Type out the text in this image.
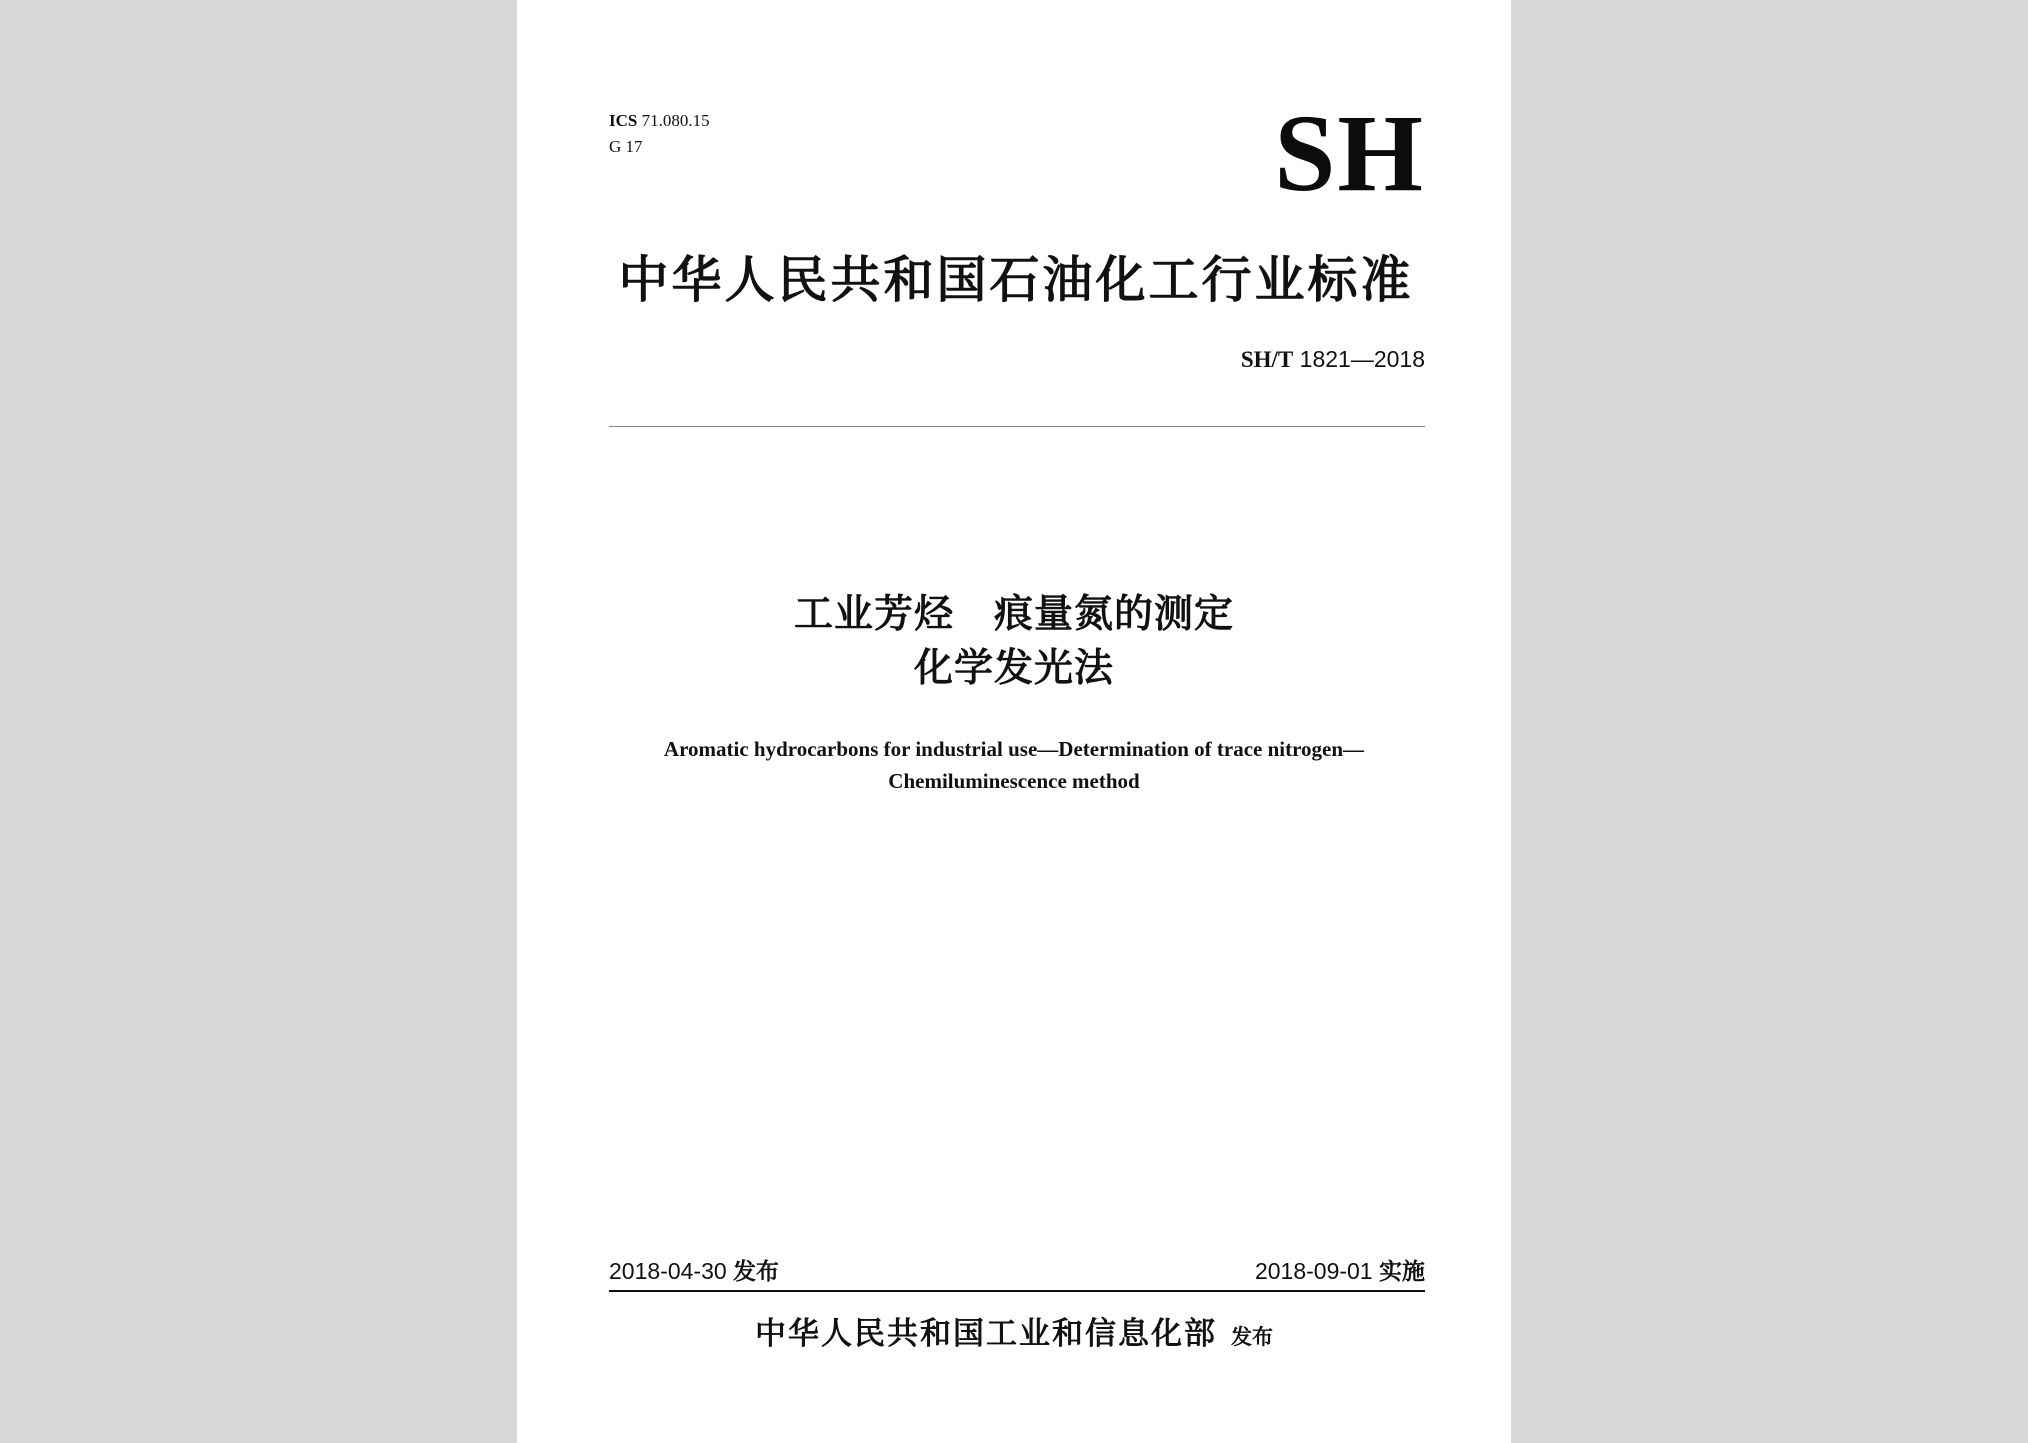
ICS 71.080.15
G 17	SH
中华人民共和国石油化工行业标准
SH/T 1821—2018
工业芳烃　痕量氮的测定
化学发光法
Aromatic hydrocarbons for industrial use—Determination of trace nitrogen—
Chemiluminescence method
2018-04-30 发布	2018-09-01 实施
中华人民共和国工业和信息化部 发布
